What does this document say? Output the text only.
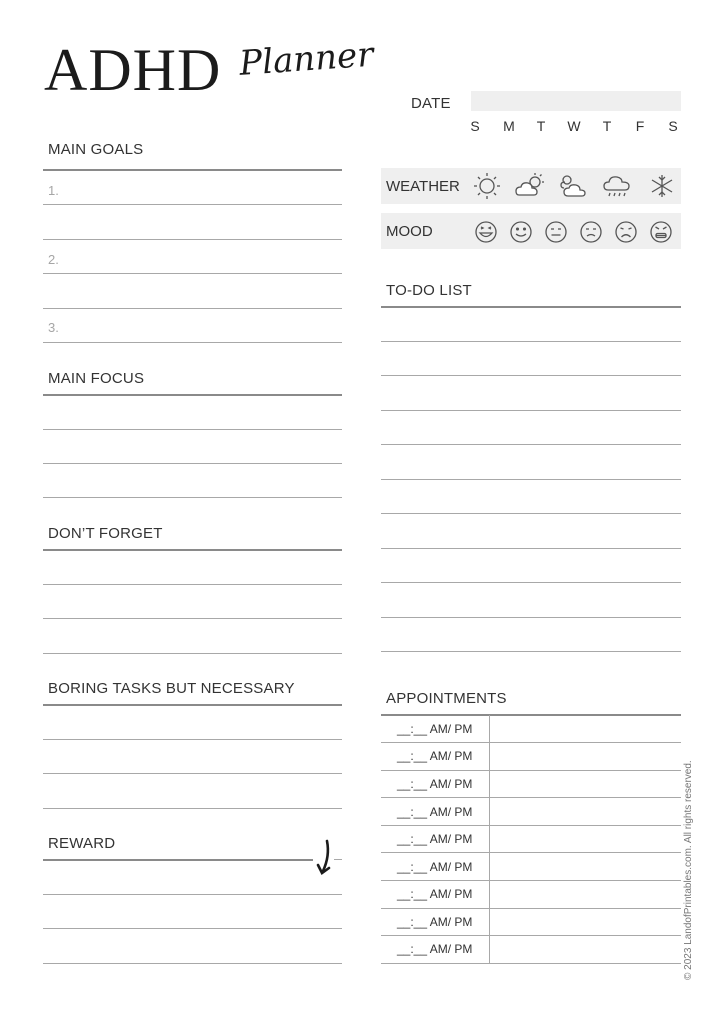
ADHD Planner
DATE
S	M	T	W	T	F	S
WEATHER
MOOD
MAIN GOALS
1.
2.
3.
MAIN FOCUS
DON’T FORGET
BORING TASKS BUT NECESSARY
REWARD
TO-DO LIST
APPOINTMENTS
__:__ AM/ PM
__:__ AM/ PM
__:__ AM/ PM
__:__ AM/ PM
__:__ AM/ PM
__:__ AM/ PM
__:__ AM/ PM
__:__ AM/ PM
__:__ AM/ PM	© 2023 LandofPrintables.com. All rights reserved.
